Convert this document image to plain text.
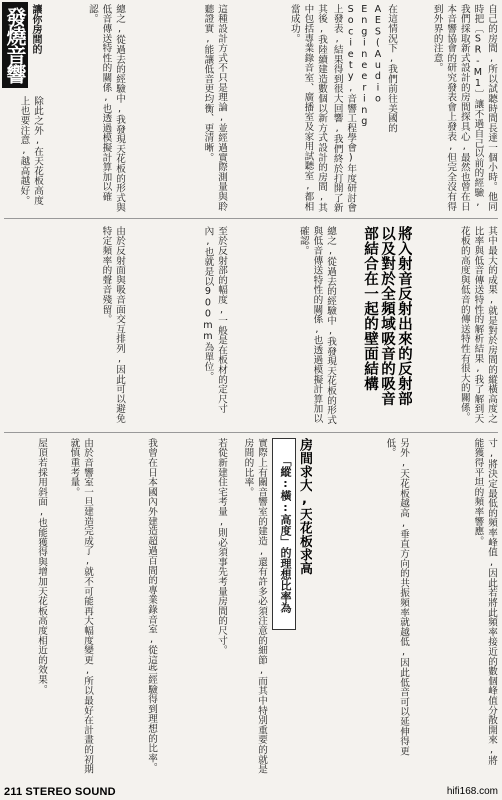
自己的房間,所以試聽時間長達一個小時。他同時把〔SR-M1〕讓不過自己以前的經驗,我們採取新式設計的房間探具心,最然也曾在日本音響協會的研究發表會上發表,但完全沒有得到外界的注意。
在這情況下,我們前往美國的AES(Audio Engineering Society,音響工程學會)年度研討會上發表,結果得到很大回響,我們終於打開了新
其後,我陸續建造數個以新方式設計的房間,其中包括專業錄音室、廣播室及家用試聽室,都相當成功。
這種設計方式不只是理論,並經過實際測量與聆聽證實,能讓低音更均衡、更清晰。
將入射音反射出來的反射部以及對於全頻域吸音的吸音部結合在一起的壁面結構	其中最大的成果,就是對於房間的縱橫高度之比率與低音傳送特性的解析結果,我了解到天花板的高度與低音的傳送特性有很大的關係。
總之,從過去的經驗中,我發現天花板的形式與低音傳送特性的關係,也透過模擬計算加以確認。
發燒音響 讓你房間的	總之,從過去的經驗中,我發現天花板的形式與低音傳送特性的關係,也透過模擬計算加以確認。
除此之外,在天花板高度上也要注意,越高越好。
至於反射部的幅度,一般是在板材的定尺寸內,也就是以900mm為單位。
由於反射面與吸音面交互排列,因此可以避免特定頻率的聲音殘留。
寸,將決定最低的頻率峰值,因此若將此頻率接近的數個峰值分散開來,將能獲得平坦的頻率響應。
另外,天花板越高,垂直方向的共振頻率就越低,因此低音可以延伸得更低。
房間求大,天花板求高
「縱:橫:高度」的理想比率為
實際上有關音響室的建造,還有許多必須注意的細節,而其中特別重要的就是房間的比率。
若從新建住宅考量,則必須事先考量房間的尺寸。
我曾在日本國內外建造超過百間的專業錄音室,從這些經驗得到理想的比率。
由於音響室一旦建造完成了,就不可能再大幅度變更,所以最好在計畫的初期就慎重考量。
屋頂若採用斜面,也能獲得與增加天花板高度相近的效果。
211 STEREO SOUND	hifi168.com
